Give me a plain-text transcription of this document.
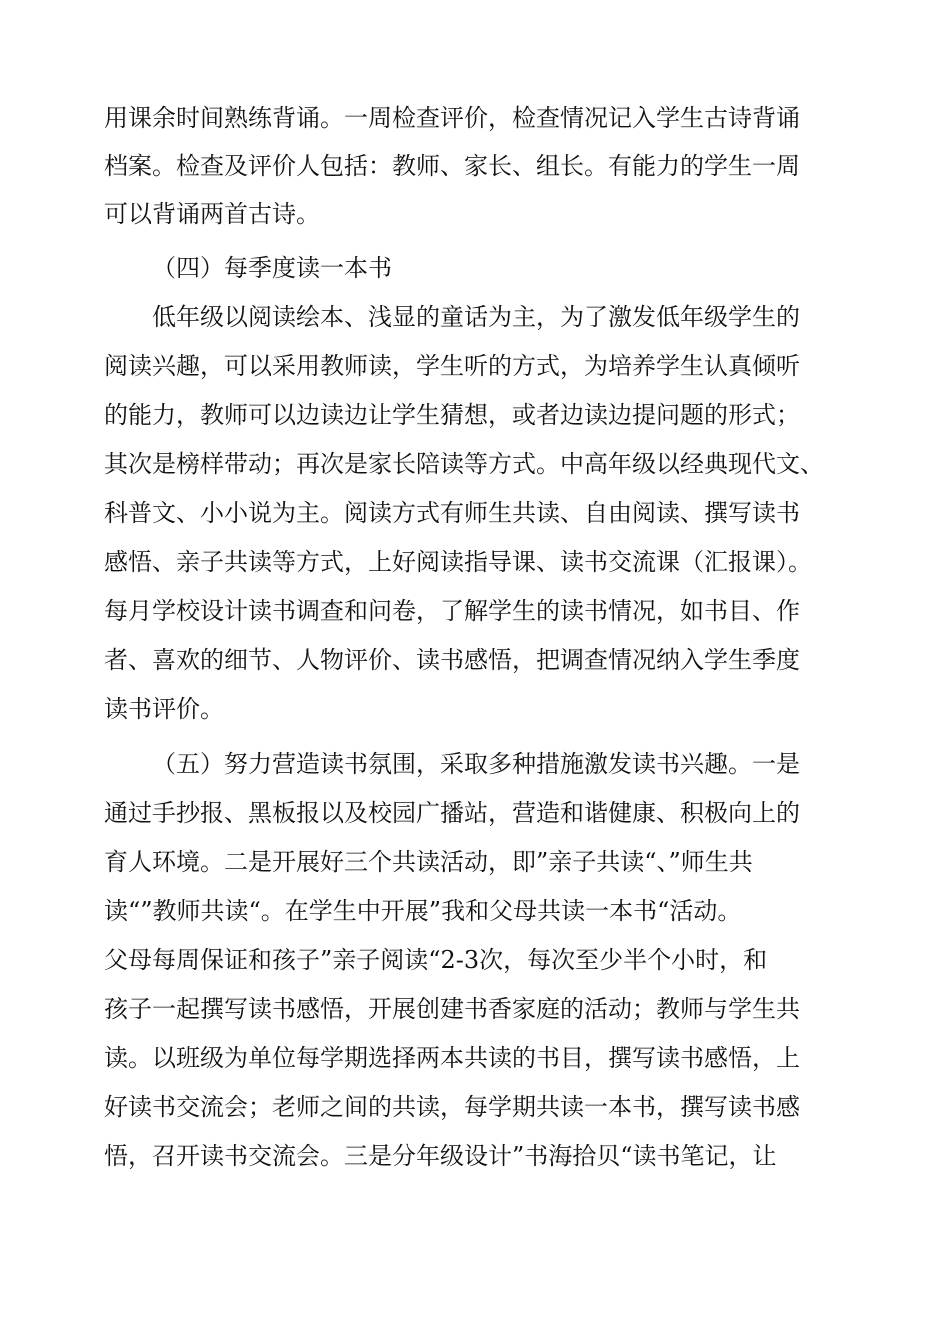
用课余时间熟练背诵。一周检查评价，检查情况记入学生古诗背诵
档案。检查及评价人包括：教师、家长、组长。有能力的学生一周
可以背诵两首古诗。
（四）每季度读一本书
低年级以阅读绘本、浅显的童话为主，为了激发低年级学生的
阅读兴趣，可以采用教师读，学生听的方式，为培养学生认真倾听
的能力，教师可以边读边让学生猜想，或者边读边提问题的形式；
其次是榜样带动；再次是家长陪读等方式。中高年级以经典现代文、
科普文、小小说为主。阅读方式有师生共读、自由阅读、撰写读书
感悟、亲子共读等方式，上好阅读指导课、读书交流课（汇报课）。
每月学校设计读书调查和问卷，了解学生的读书情况，如书目、作
者、喜欢的细节、人物评价、读书感悟，把调查情况纳入学生季度
读书评价。
（五）努力营造读书氛围，采取多种措施激发读书兴趣。一是
通过手抄报、黑板报以及校园广播站，营造和谐健康、积极向上的
育人环境。二是开展好三个共读活动，即”亲子共读“、”师生共
读“”教师共读“。在学生中开展”我和父母共读一本书“活动。
父母每周保证和孩子”亲子阅读“2-3次，每次至少半个小时，和
孩子一起撰写读书感悟，开展创建书香家庭的活动；教师与学生共
读。以班级为单位每学期选择两本共读的书目，撰写读书感悟，上
好读书交流会；老师之间的共读，每学期共读一本书，撰写读书感
悟，召开读书交流会。三是分年级设计”书海拾贝“读书笔记，让
